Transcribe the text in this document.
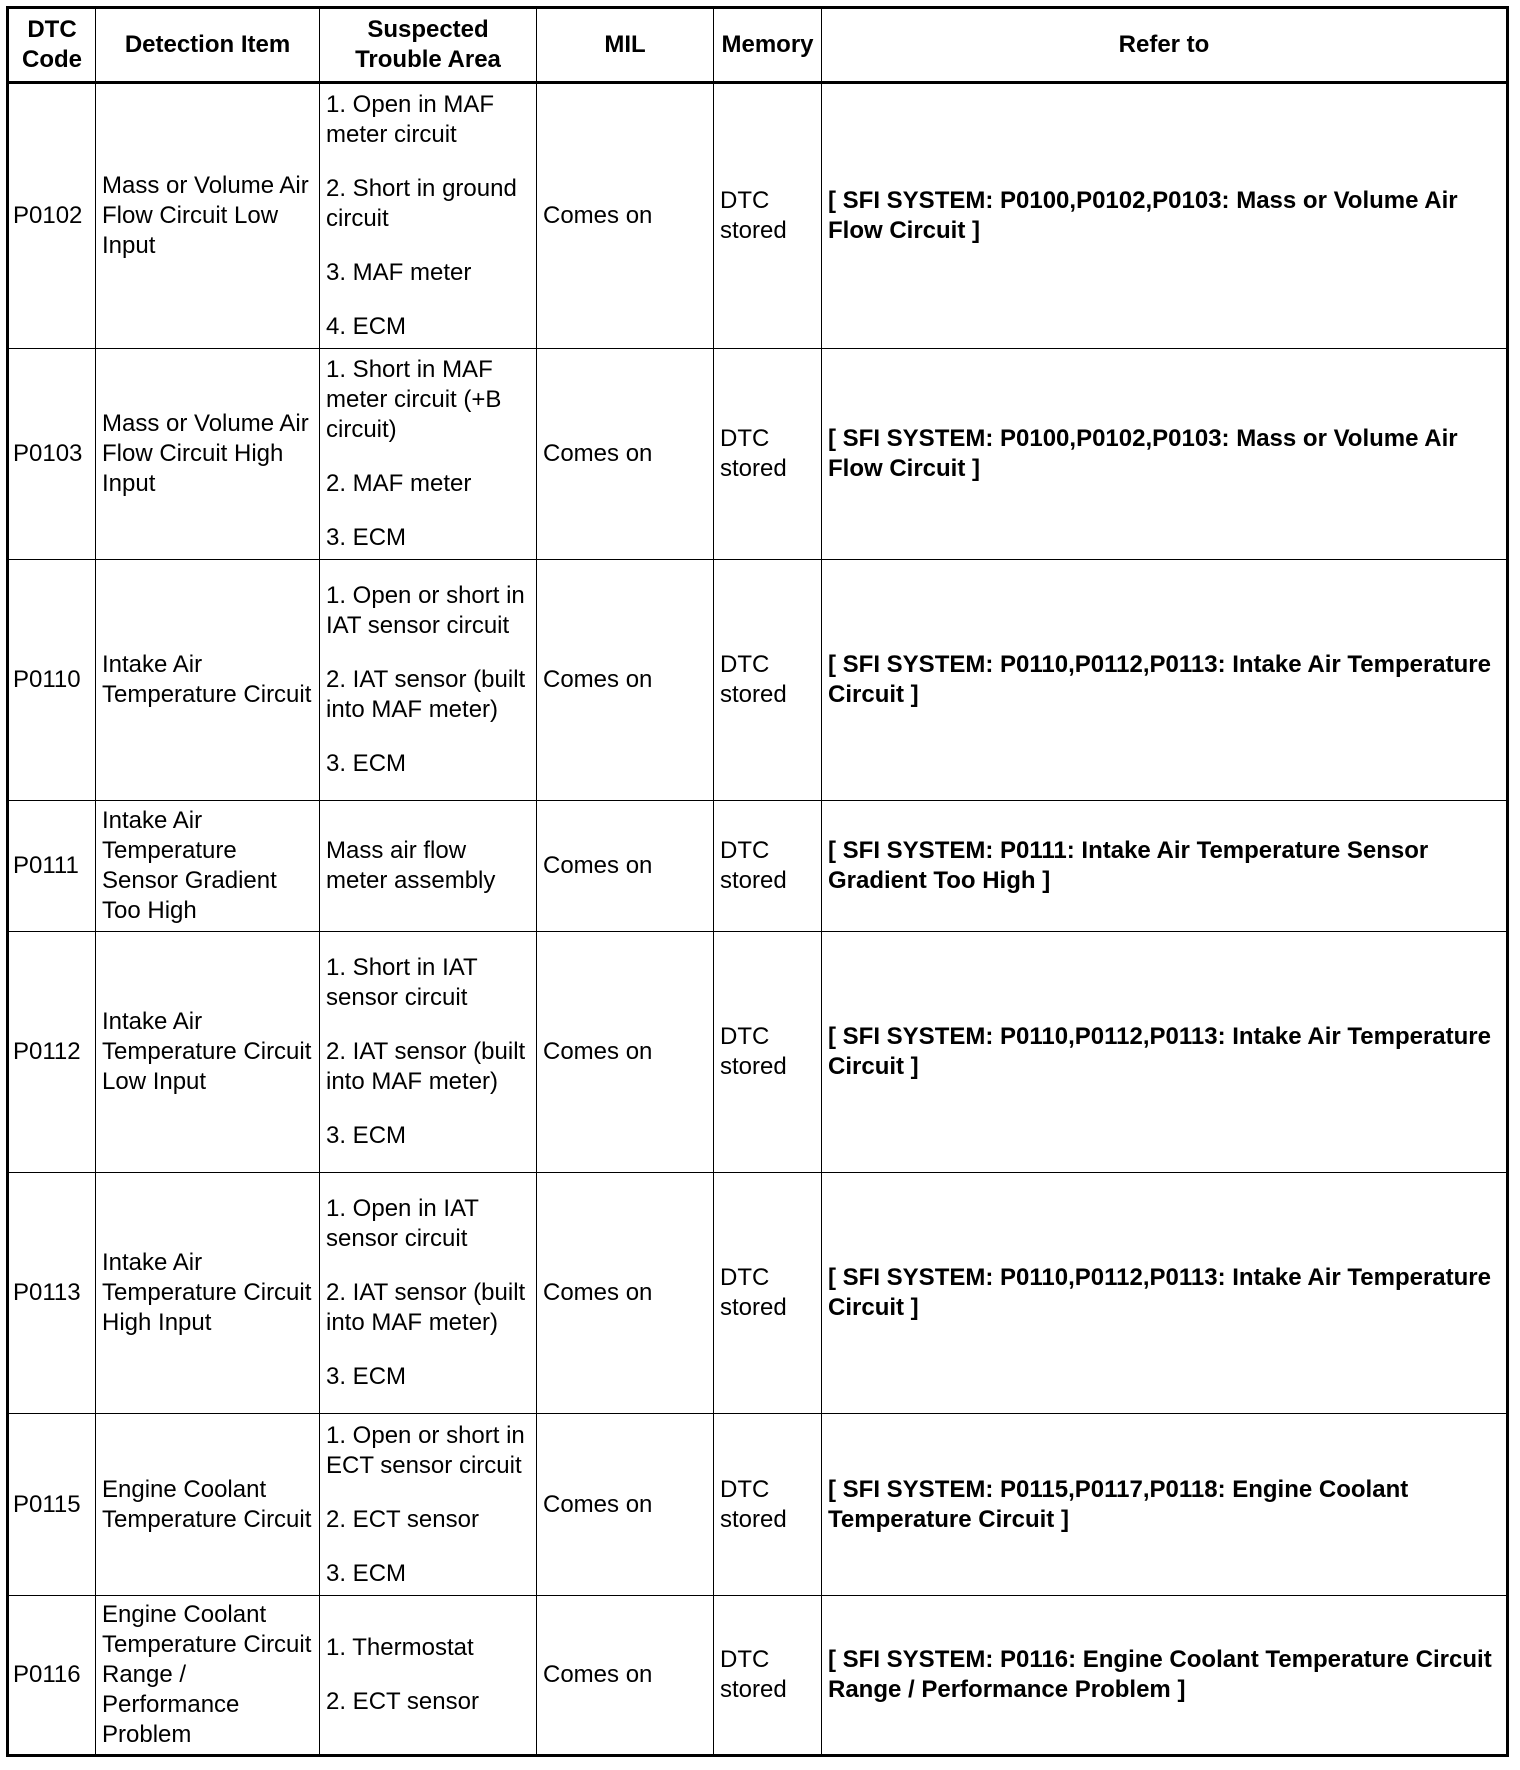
DTC Code	Detection Item	Suspected Trouble Area	MIL	Memory	Refer to
P0102	Mass or Volume Air Flow Circuit Low Input	1. Open in MAF meter circuit
2. Short in ground circuit
3. MAF meter
4. ECM	Comes on	DTC stored	[ SFI SYSTEM: P0100,P0102,P0103: Mass or Volume Air Flow Circuit ]
P0103	Mass or Volume Air Flow Circuit High Input	1. Short in MAF meter circuit (+B circuit)
2. MAF meter
3. ECM	Comes on	DTC stored	[ SFI SYSTEM: P0100,P0102,P0103: Mass or Volume Air Flow Circuit ]
P0110	Intake Air Temperature Circuit	1. Open or short in IAT sensor circuit
2. IAT sensor (built into MAF meter)
3. ECM	Comes on	DTC stored	[ SFI SYSTEM: P0110,P0112,P0113: Intake Air Temperature Circuit ]
P0111	Intake Air Temperature Sensor Gradient Too High	Mass air flow meter assembly	Comes on	DTC stored	[ SFI SYSTEM: P0111: Intake Air Temperature Sensor Gradient Too High ]
P0112	Intake Air Temperature Circuit Low Input	1. Short in IAT sensor circuit
2. IAT sensor (built into MAF meter)
3. ECM	Comes on	DTC stored	[ SFI SYSTEM: P0110,P0112,P0113: Intake Air Temperature Circuit ]
P0113	Intake Air Temperature Circuit High Input	1. Open in IAT sensor circuit
2. IAT sensor (built into MAF meter)
3. ECM	Comes on	DTC stored	[ SFI SYSTEM: P0110,P0112,P0113: Intake Air Temperature Circuit ]
P0115	Engine Coolant Temperature Circuit	1. Open or short in ECT sensor circuit
2. ECT sensor
3. ECM	Comes on	DTC stored	[ SFI SYSTEM: P0115,P0117,P0118: Engine Coolant Temperature Circuit ]
P0116	Engine Coolant Temperature Circuit Range / Performance Problem	1. Thermostat
2. ECT sensor	Comes on	DTC stored	[ SFI SYSTEM: P0116: Engine Coolant Temperature Circuit Range / Performance Problem ]
